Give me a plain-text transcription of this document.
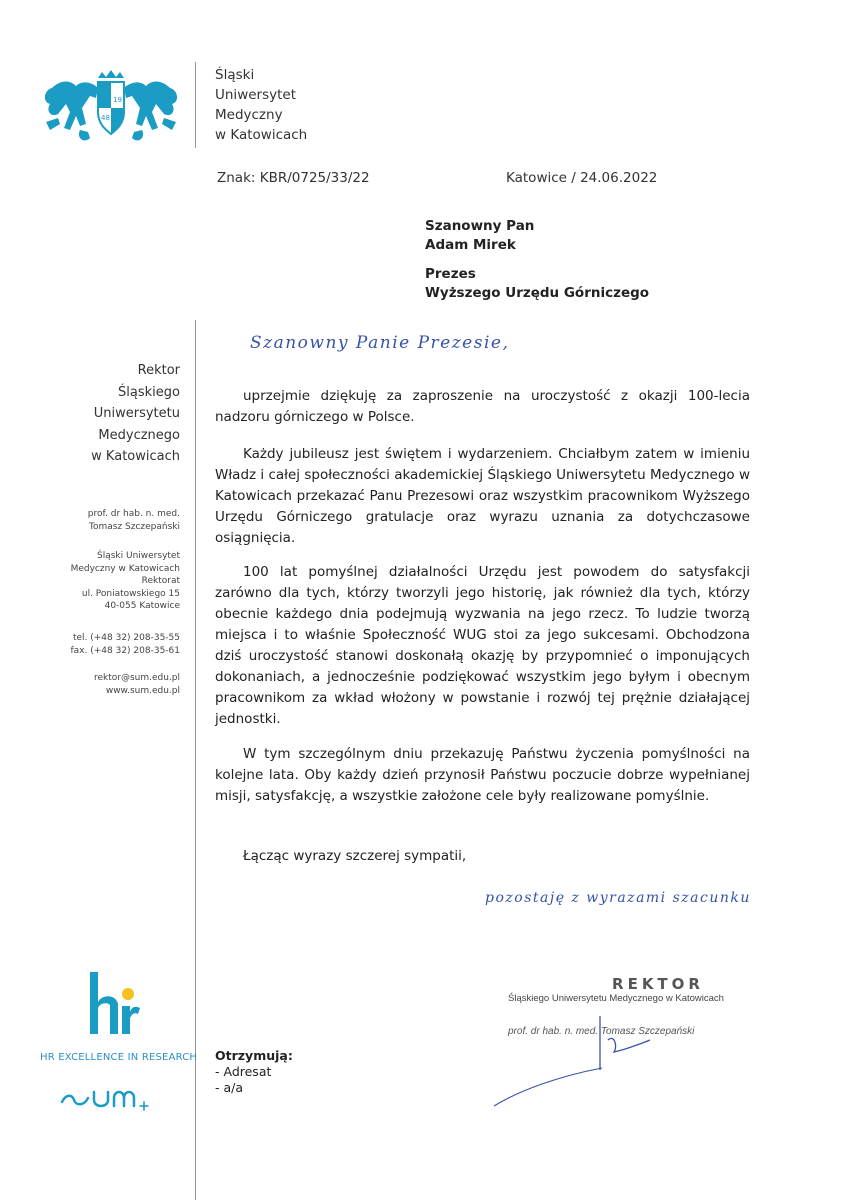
19
48
Śląski
Uniwersytet
Medyczny
w Katowicach
Znak: KBR/0725/33/22	Katowice / 24.06.2022
Szanowny Pan
Adam Mirek
Prezes
Wyższego Urzędu Górniczego
Szanowny Panie Prezesie,
Rektor
Śląskiego
Uniwersytetu
Medycznego
w Katowicach
prof. dr hab. n. med.
Tomasz Szczepański
Śląski Uniwersytet
Medyczny w Katowicach
Rektorat
ul. Poniatowskiego 15
40-055 Katowice
tel. (+48 32) 208-35-55
fax. (+48 32) 208-35-61
rektor@sum.edu.pl
www.sum.edu.pl

uprzejmie dziękuję za zaproszenie na uroczystość z okazji 100-lecia nadzoru górniczego w Polsce.

Każdy jubileusz jest świętem i wydarzeniem. Chciałbym zatem w imieniu Władz i całej społeczności akademickiej Śląskiego Uniwersytetu Medycznego w Katowicach przekazać Panu Prezesowi oraz wszystkim pracownikom Wyższego Urzędu Górniczego gratulacje oraz wyrazu uznania za dotychczasowe osiągnięcia.

100 lat pomyślnej działalności Urzędu jest powodem do satysfakcji zarówno dla tych, którzy tworzyli jego historię, jak również dla tych, którzy obecnie każdego dnia podejmują wyzwania na jego rzecz. To ludzie tworzą miejsca i to właśnie Społeczność WUG stoi za jego sukcesami. Obchodzona dziś uroczystość stanowi doskonałą okazję by przypomnieć o imponujących dokonaniach, a jednocześnie podziękować wszystkim jego byłym i obecnym pracownikom za wkład włożony w powstanie i rozwój tej prężnie działającej jednostki.

W tym szczególnym dniu przekazuję Państwu życzenia pomyślności na kolejne lata. Oby każdy dzień przynosił Państwu poczucie dobrze wypełnianej misji, satysfakcję, a wszystkie założone cele były realizowane pomyślnie.

Łącząc wyrazy szczerej sympatii,
pozostaję z wyrazami szacunku
REKTOR
Śląskiego Uniwersytetu Medycznego w Katowicach
prof. dr hab. n. med. Tomasz Szczepański
Otrzymują:
- Adresat
- a/a
HR EXCELLENCE IN RESEARCH
